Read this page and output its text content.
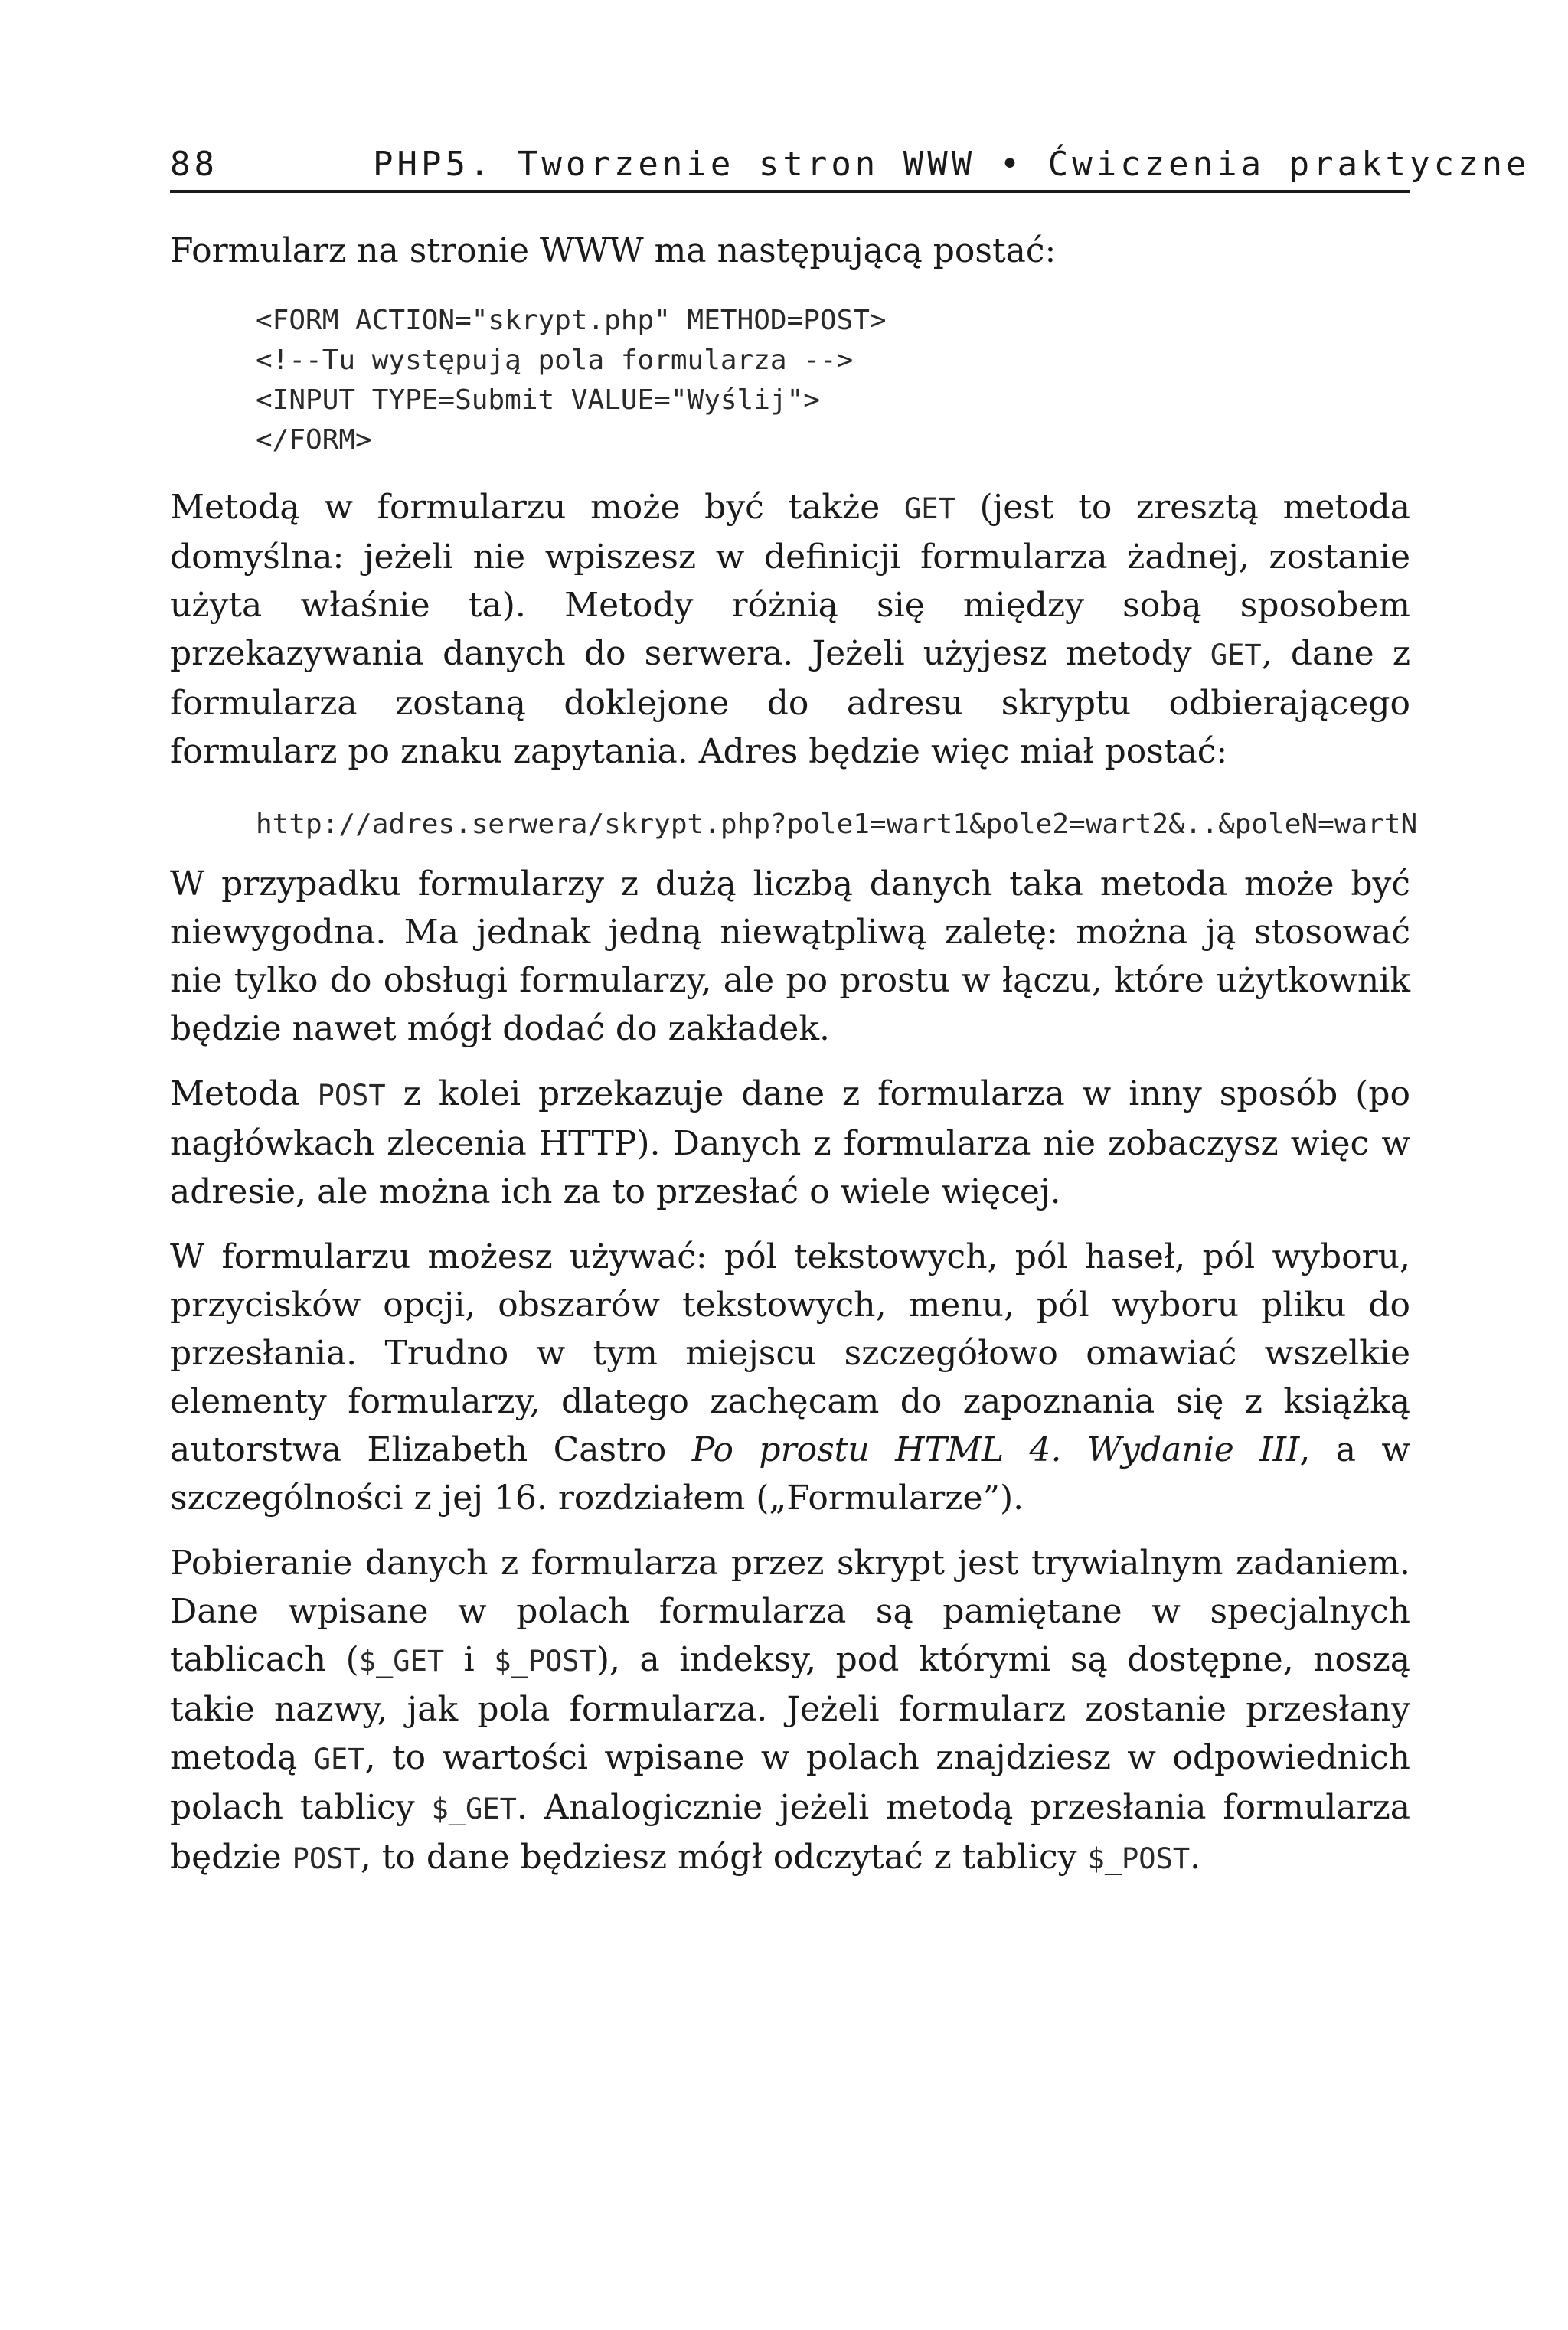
88	PHP5. Tworzenie stron WWW • Ćwiczenia praktyczne

Formularz na stronie WWW ma następującą postać:

<FORM ACTION="skrypt.php" METHOD=POST>
<!--Tu występują pola formularza -->
<INPUT TYPE=Submit VALUE="Wyślij">
</FORM>

Metodą w formularzu może być także GET (jest to zresztą metoda domyślna: jeżeli nie wpiszesz w definicji formularza żadnej, zostanie użyta właśnie ta). Metody różnią się między sobą sposobem przekazywania danych do serwera. Jeżeli użyjesz metody GET, dane z formularza zostaną doklejone do adresu skryptu odbierającego formularz po znaku zapytania. Adres będzie więc miał postać:

http://adres.serwera/skrypt.php?pole1=wart1&pole2=wart2&..&poleN=wartN

W przypadku formularzy z dużą liczbą danych taka metoda może być niewygodna. Ma jednak jedną niewątpliwą zaletę: można ją stosować nie tylko do obsługi formularzy, ale po prostu w łączu, które użytkownik będzie nawet mógł dodać do zakładek.

Metoda POST z kolei przekazuje dane z formularza w inny sposób (po nagłówkach zlecenia HTTP). Danych z formularza nie zobaczysz więc w adresie, ale można ich za to przesłać o wiele więcej.

W formularzu możesz używać: pól tekstowych, pól haseł, pól wyboru, przycisków opcji, obszarów tekstowych, menu, pól wyboru pliku do przesłania. Trudno w tym miejscu szczegółowo omawiać wszelkie elementy formularzy, dlatego zachęcam do zapoznania się z książką autorstwa Elizabeth Castro Po prostu HTML 4. Wydanie III, a w szczególności z jej 16. rozdziałem („Formularze”).

Pobieranie danych z formularza przez skrypt jest trywialnym zadaniem. Dane wpisane w polach formularza są pamiętane w specjalnych tablicach ($_GET i $_POST), a indeksy, pod którymi są dostępne, noszą takie nazwy, jak pola formularza. Jeżeli formularz zostanie przesłany metodą GET, to wartości wpisane w polach znajdziesz w odpowiednich polach tablicy $_GET. Analogicznie jeżeli metodą przesłania formularza będzie POST, to dane będziesz mógł odczytać z tablicy $_POST.
